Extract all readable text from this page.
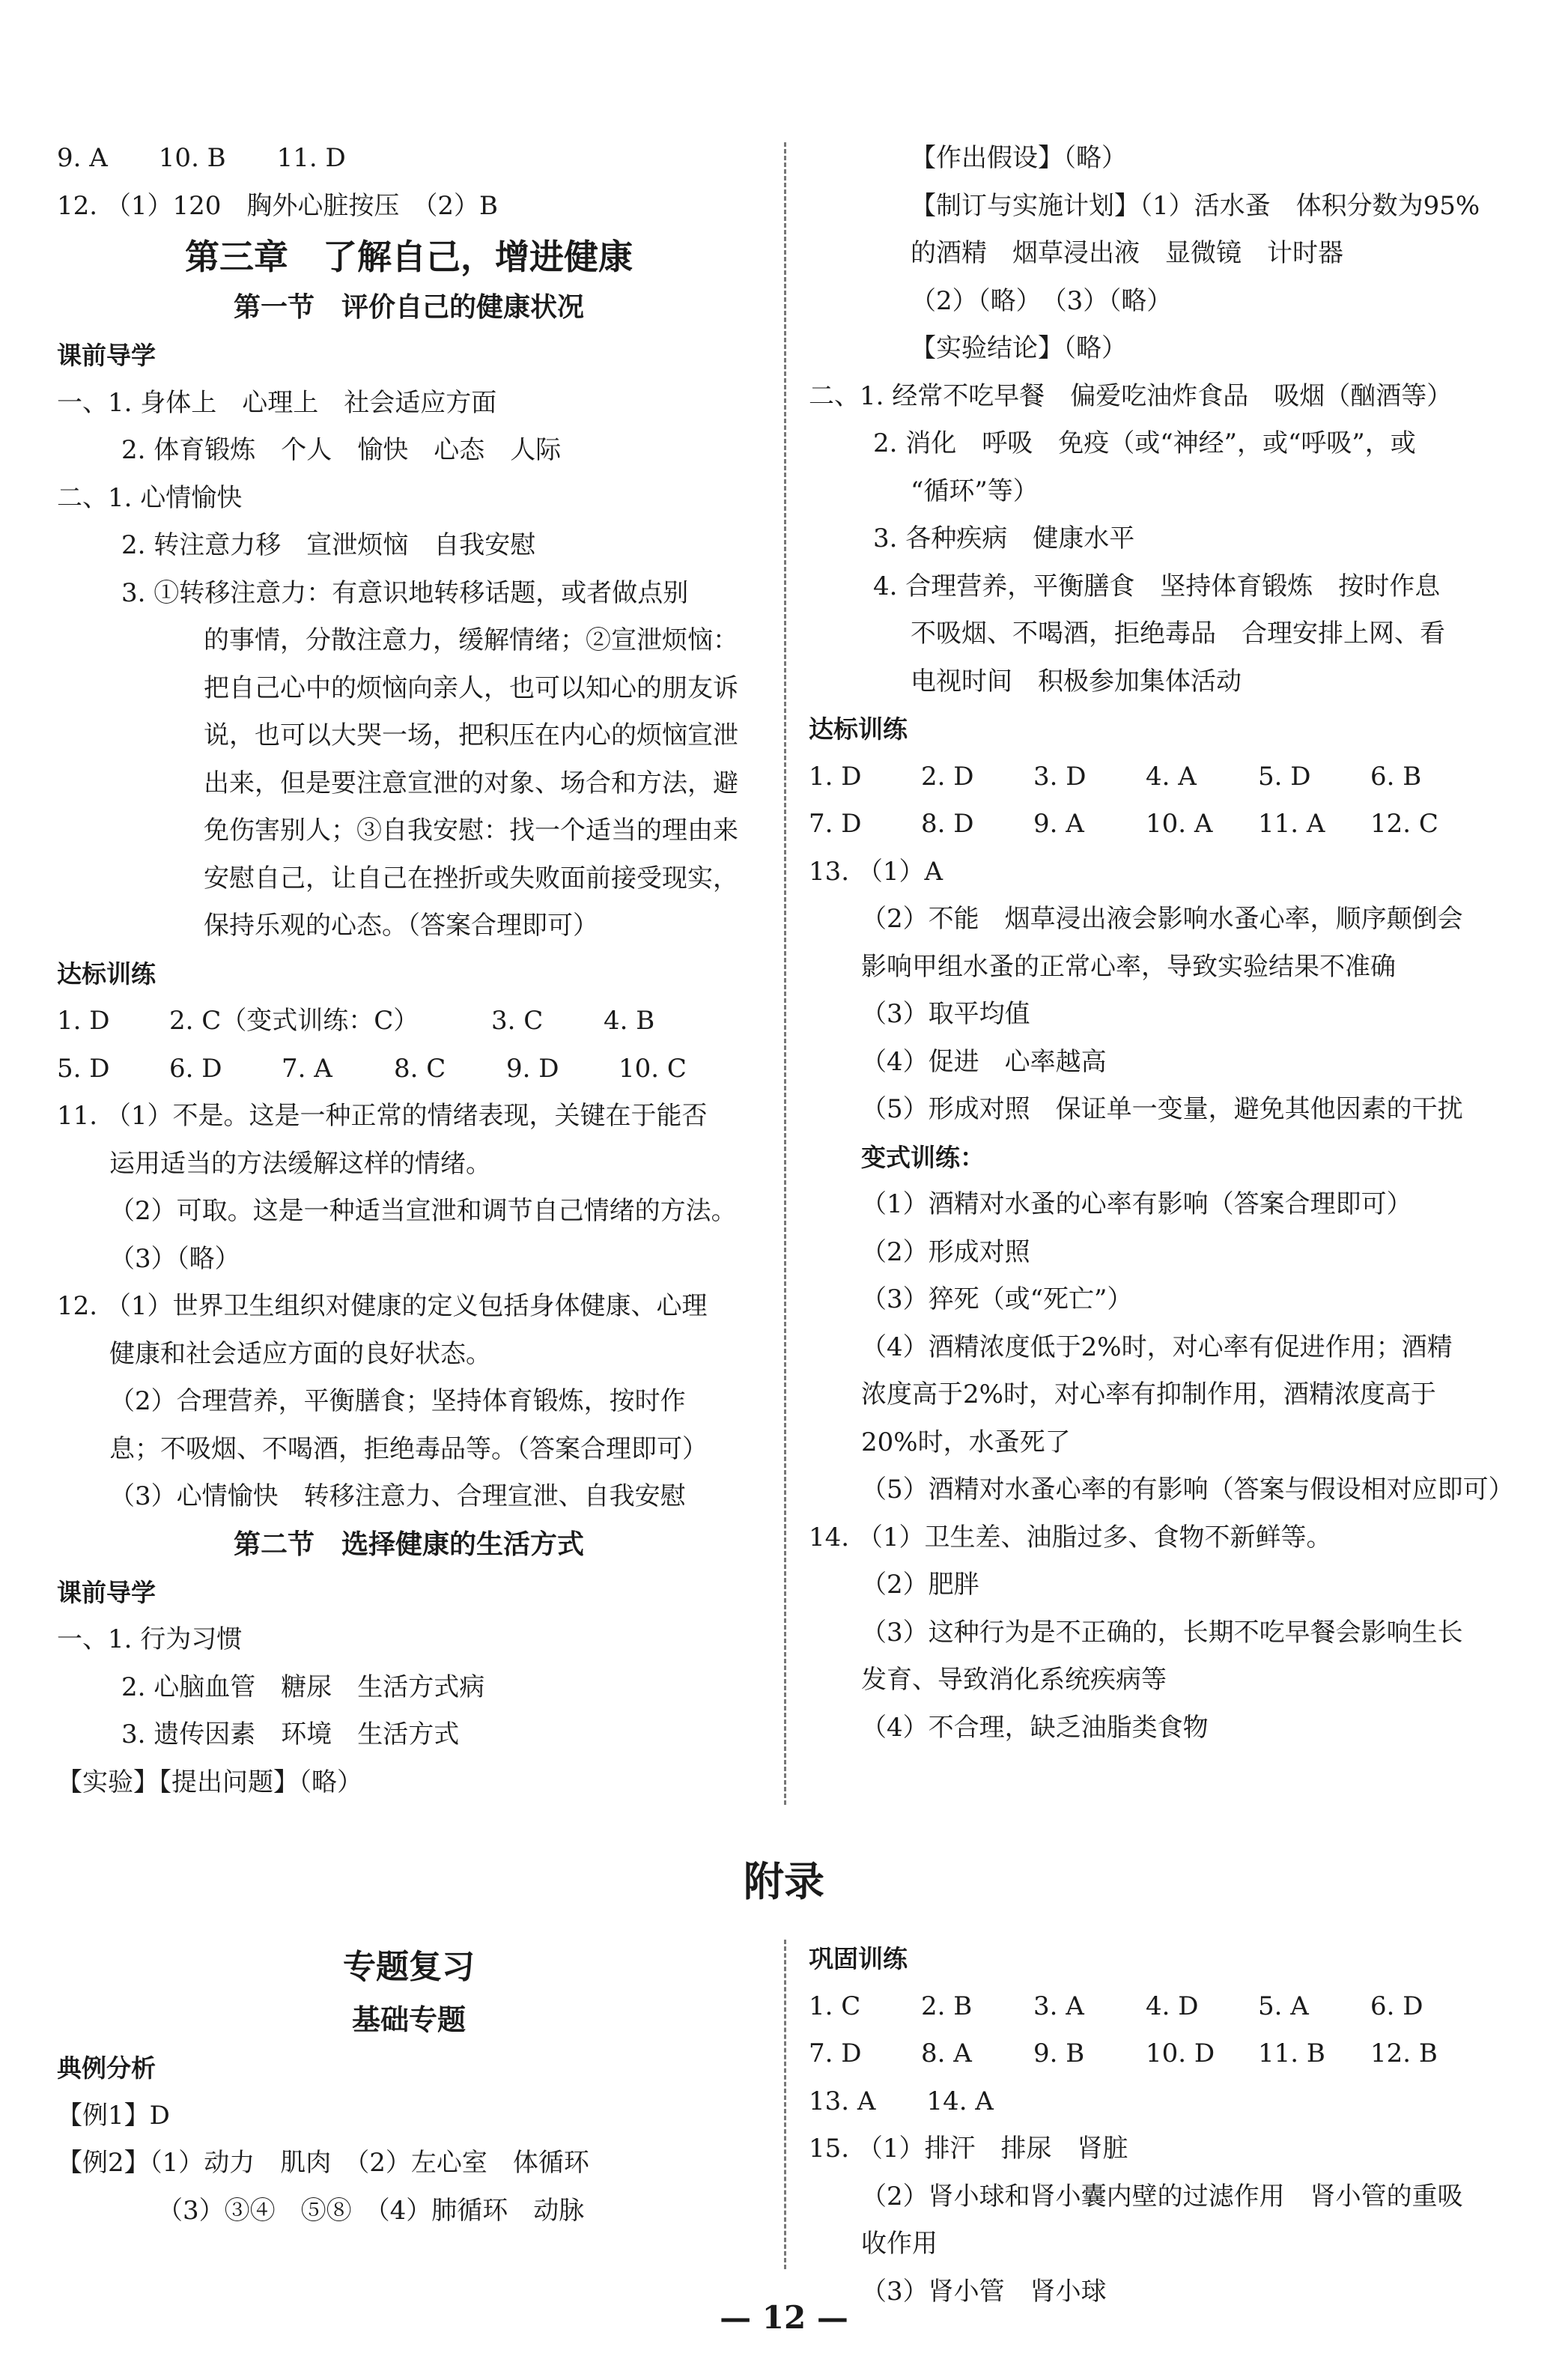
9. A　　10. B　　11. D
12. （1）120　胸外心脏按压　（2）B
第三章　了解自己，增进健康
第一节　评价自己的健康状况
课前导学
一、1. 身体上　心理上　社会适应方面
2. 体育锻炼　个人　愉快　心态　人际
二、1. 心情愉快
2. 转注意力移　宣泄烦恼　自我安慰
3. ①转移注意力：有意识地转移话题，或者做点别
的事情，分散注意力，缓解情绪；②宣泄烦恼：
把自己心中的烦恼向亲人，也可以知心的朋友诉
说，也可以大哭一场，把积压在内心的烦恼宣泄
出来，但是要注意宣泄的对象、场合和方法，避
免伤害别人；③自我安慰：找一个适当的理由来
安慰自己，让自己在挫折或失败面前接受现实，
保持乐观的心态。（答案合理即可）
达标训练
1. D 2. C（变式训练：C）	3. C 4. B
5. D 6. D 7. A 8. C 9. D 10. C
11. （1）不是。这是一种正常的情绪表现，关键在于能否
运用适当的方法缓解这样的情绪。
（2）可取。这是一种适当宣泄和调节自己情绪的方法。
（3）（略）
12. （1）世界卫生组织对健康的定义包括身体健康、心理
健康和社会适应方面的良好状态。
（2）合理营养，平衡膳食；坚持体育锻炼，按时作
息；不吸烟、不喝酒，拒绝毒品等。（答案合理即可）
（3）心情愉快　转移注意力、合理宣泄、自我安慰
第二节　选择健康的生活方式
课前导学
一、1. 行为习惯
2. 心脑血管　糖尿　生活方式病
3. 遗传因素　环境　生活方式
【实验】【提出问题】（略）
【作出假设】（略）
【制订与实施计划】（1）活水蚤　体积分数为95%
的酒精　烟草浸出液　显微镜　计时器
（2）（略）　（3）（略）
【实验结论】（略）
二、1. 经常不吃早餐　偏爱吃油炸食品　吸烟（酗酒等）
2. 消化　呼吸　免疫（或“神经”，或“呼吸”，或
“循环”等）
3. 各种疾病　健康水平
4. 合理营养，平衡膳食　坚持体育锻炼　按时作息
不吸烟、不喝酒，拒绝毒品　合理安排上网、看
电视时间　积极参加集体活动
达标训练
1. D 2. D 3. D 4. A 5. D 6. B
7. D 8. D 9. A 10. A 11. A 12. C
13. （1）A
（2）不能　烟草浸出液会影响水蚤心率，顺序颠倒会
影响甲组水蚤的正常心率，导致实验结果不准确
（3）取平均值
（4）促进　心率越高
（5）形成对照　保证单一变量，避免其他因素的干扰
变式训练：
（1）酒精对水蚤的心率有影响（答案合理即可）
（2）形成对照
（3）猝死（或“死亡”）
（4）酒精浓度低于2%时，对心率有促进作用；酒精
浓度高于2%时，对心率有抑制作用，酒精浓度高于
20%时，水蚤死了
（5）酒精对水蚤心率的有影响（答案与假设相对应即可）
14. （1）卫生差、油脂过多、食物不新鲜等。
（2）肥胖
（3）这种行为是不正确的，长期不吃早餐会影响生长
发育、导致消化系统疾病等
（4）不合理，缺乏油脂类食物
附录
专题复习
基础专题
典例分析
【例1】D
【例2】（1）动力　肌肉　（2）左心室　体循环
（3）③④　⑤⑧　（4）肺循环　动脉
巩固训练
1. C 2. B 3. A 4. D 5. A 6. D
7. D 8. A 9. B 10. D 11. B 12. B
13. A　　14. A
15. （1）排汗　排尿　肾脏
（2）肾小球和肾小囊内壁的过滤作用　肾小管的重吸
收作用
（3）肾小管　肾小球
— 12 —
